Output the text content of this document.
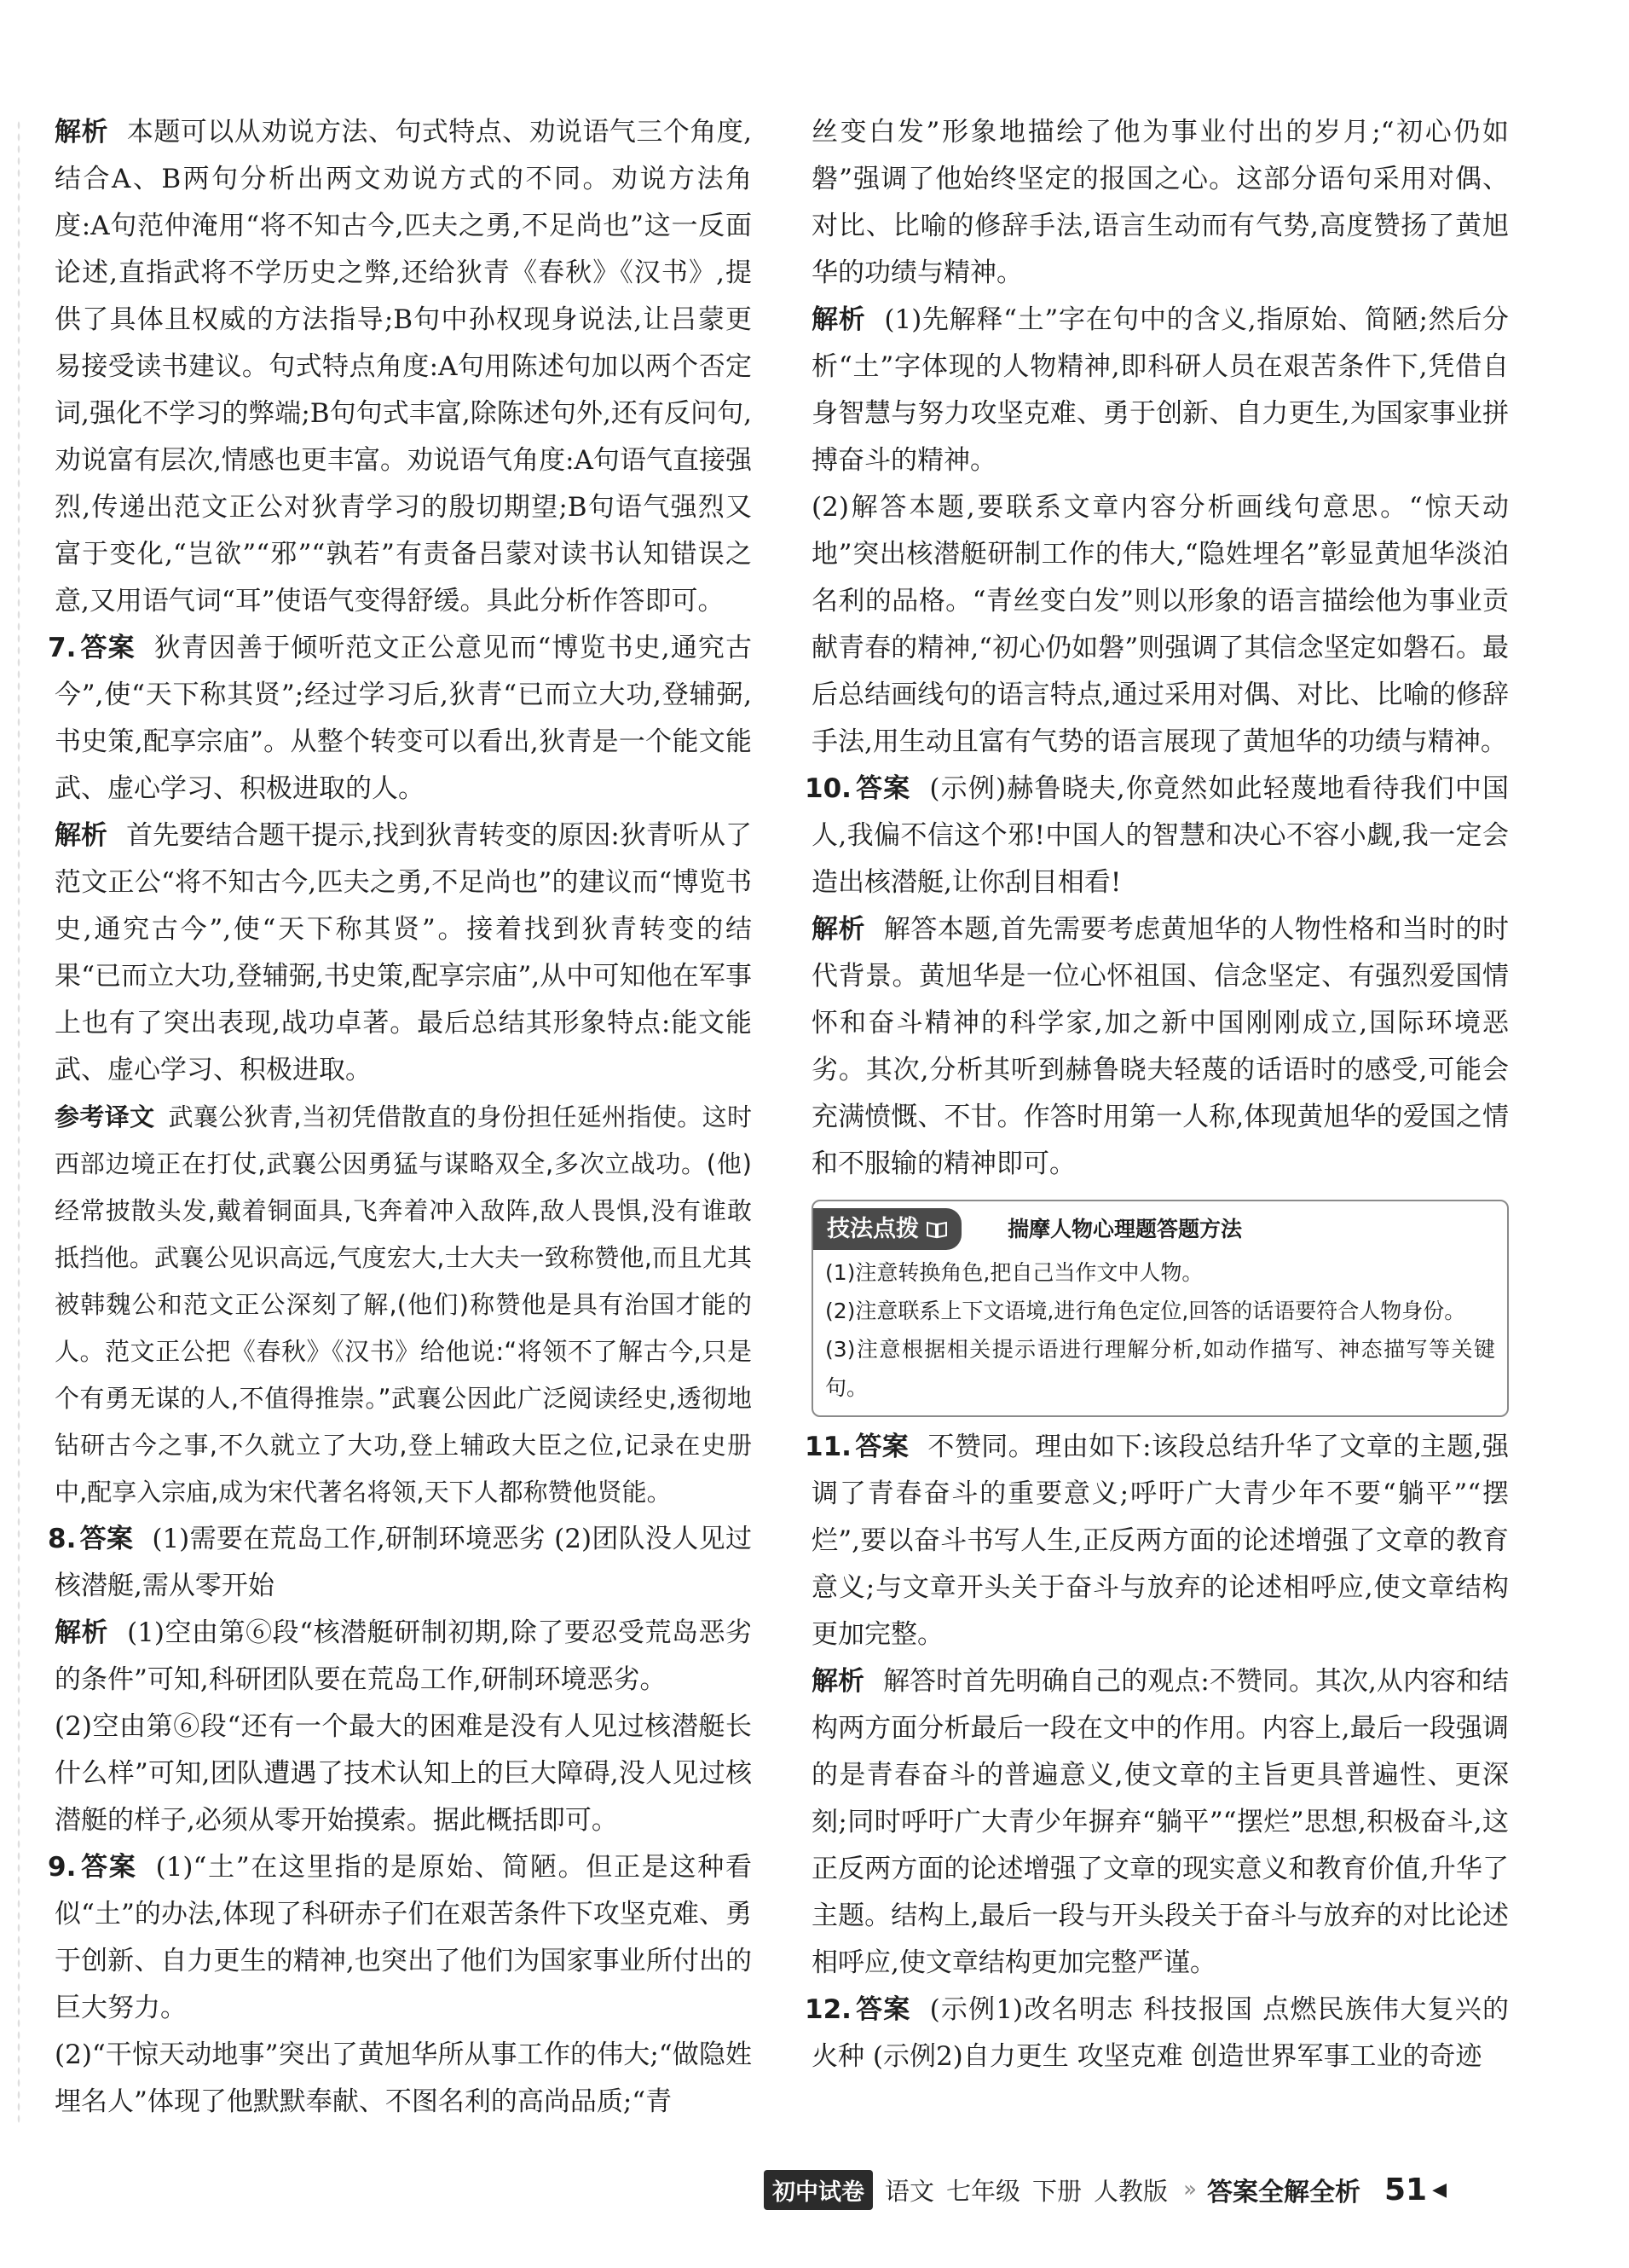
解析 本题可以从劝说方法、句式特点、劝说语气三个角度,结合A、B两句分析出两文劝说方式的不同。劝说方法角度:A句范仲淹用“将不知古今,匹夫之勇,不足尚也”这一反面论述,直指武将不学历史之弊,还给狄青《春秋》《汉书》,提供了具体且权威的方法指导;B句中孙权现身说法,让吕蒙更易接受读书建议。句式特点角度:A句用陈述句加以两个否定词,强化不学习的弊端;B句句式丰富,除陈述句外,还有反问句,劝说富有层次,情感也更丰富。劝说语气角度:A句语气直接强烈,传递出范文正公对狄青学习的殷切期望;B句语气强烈又富于变化,“岂欲”“邪”“孰若”有责备吕蒙对读书认知错误之意,又用语气词“耳”使语气变得舒缓。具此分析作答即可。

7. 答案 狄青因善于倾听范文正公意见而“博览书史,通究古今”,使“天下称其贤”;经过学习后,狄青“已而立大功,登辅弼,书史策,配享宗庙”。从整个转变可以看出,狄青是一个能文能武、虚心学习、积极进取的人。

解析 首先要结合题干提示,找到狄青转变的原因:狄青听从了范文正公“将不知古今,匹夫之勇,不足尚也”的建议而“博览书史,通究古今”,使“天下称其贤”。接着找到狄青转变的结果“已而立大功,登辅弼,书史策,配享宗庙”,从中可知他在军事上也有了突出表现,战功卓著。最后总结其形象特点:能文能武、虚心学习、积极进取。

参考译文 武襄公狄青,当初凭借散直的身份担任延州指使。这时西部边境正在打仗,武襄公因勇猛与谋略双全,多次立战功。(他)经常披散头发,戴着铜面具,飞奔着冲入敌阵,敌人畏惧,没有谁敢抵挡他。武襄公见识高远,气度宏大,士大夫一致称赞他,而且尤其被韩魏公和范文正公深刻了解,(他们)称赞他是具有治国才能的人。范文正公把《春秋》《汉书》给他说:“将领不了解古今,只是个有勇无谋的人,不值得推崇。”武襄公因此广泛阅读经史,透彻地钻研古今之事,不久就立了大功,登上辅政大臣之位,记录在史册中,配享入宗庙,成为宋代著名将领,天下人都称赞他贤能。

8. 答案 (1)需要在荒岛工作,研制环境恶劣 (2)团队没人见过核潜艇,需从零开始

解析 (1)空由第⑥段“核潜艇研制初期,除了要忍受荒岛恶劣的条件”可知,科研团队要在荒岛工作,研制环境恶劣。

(2)空由第⑥段“还有一个最大的困难是没有人见过核潜艇长什么样”可知,团队遭遇了技术认知上的巨大障碍,没人见过核潜艇的样子,必须从零开始摸索。据此概括即可。

9. 答案 (1)“土”在这里指的是原始、简陋。但正是这种看似“土”的办法,体现了科研赤子们在艰苦条件下攻坚克难、勇于创新、自力更生的精神,也突出了他们为国家事业所付出的巨大努力。

(2)“干惊天动地事”突出了黄旭华所从事工作的伟大;“做隐姓埋名人”体现了他默默奉献、不图名利的高尚品质;“青

丝变白发”形象地描绘了他为事业付出的岁月;“初心仍如磐”强调了他始终坚定的报国之心。这部分语句采用对偶、对比、比喻的修辞手法,语言生动而有气势,高度赞扬了黄旭华的功绩与精神。

解析 (1)先解释“土”字在句中的含义,指原始、简陋;然后分析“土”字体现的人物精神,即科研人员在艰苦条件下,凭借自身智慧与努力攻坚克难、勇于创新、自力更生,为国家事业拼搏奋斗的精神。

(2)解答本题,要联系文章内容分析画线句意思。“惊天动地”突出核潜艇研制工作的伟大,“隐姓埋名”彰显黄旭华淡泊名利的品格。“青丝变白发”则以形象的语言描绘他为事业贡献青春的精神,“初心仍如磐”则强调了其信念坚定如磐石。最后总结画线句的语言特点,通过采用对偶、对比、比喻的修辞手法,用生动且富有气势的语言展现了黄旭华的功绩与精神。

10. 答案 (示例)赫鲁晓夫,你竟然如此轻蔑地看待我们中国人,我偏不信这个邪!中国人的智慧和决心不容小觑,我一定会造出核潜艇,让你刮目相看!

解析 解答本题,首先需要考虑黄旭华的人物性格和当时的时代背景。黄旭华是一位心怀祖国、信念坚定、有强烈爱国情怀和奋斗精神的科学家,加之新中国刚刚成立,国际环境恶劣。其次,分析其听到赫鲁晓夫轻蔑的话语时的感受,可能会充满愤慨、不甘。作答时用第一人称,体现黄旭华的爱国之情和不服输的精神即可。

技法点拨	揣摩人物心理题答题方法

(1)注意转换角色,把自己当作文中人物。

(2)注意联系上下文语境,进行角色定位,回答的话语要符合人物身份。

(3)注意根据相关提示语进行理解分析,如动作描写、神态描写等关键句。

11. 答案 不赞同。理由如下:该段总结升华了文章的主题,强调了青春奋斗的重要意义;呼吁广大青少年不要“躺平”“摆烂”,要以奋斗书写人生,正反两方面的论述增强了文章的教育意义;与文章开头关于奋斗与放弃的论述相呼应,使文章结构更加完整。

解析 解答时首先明确自己的观点:不赞同。其次,从内容和结构两方面分析最后一段在文中的作用。内容上,最后一段强调的是青春奋斗的普遍意义,使文章的主旨更具普遍性、更深刻;同时呼吁广大青少年摒弃“躺平”“摆烂”思想,积极奋斗,这正反两方面的论述增强了文章的现实意义和教育价值,升华了主题。结构上,最后一段与开头段关于奋斗与放弃的对比论述相呼应,使文章结构更加完整严谨。

12. 答案 (示例1)改名明志 科技报国 点燃民族伟大复兴的火种 (示例2)自力更生 攻坚克难 创造世界军事工业的奇迹

初中试卷 语文 七年级 下册 人教版 » 答案全解全析 51 ◀
